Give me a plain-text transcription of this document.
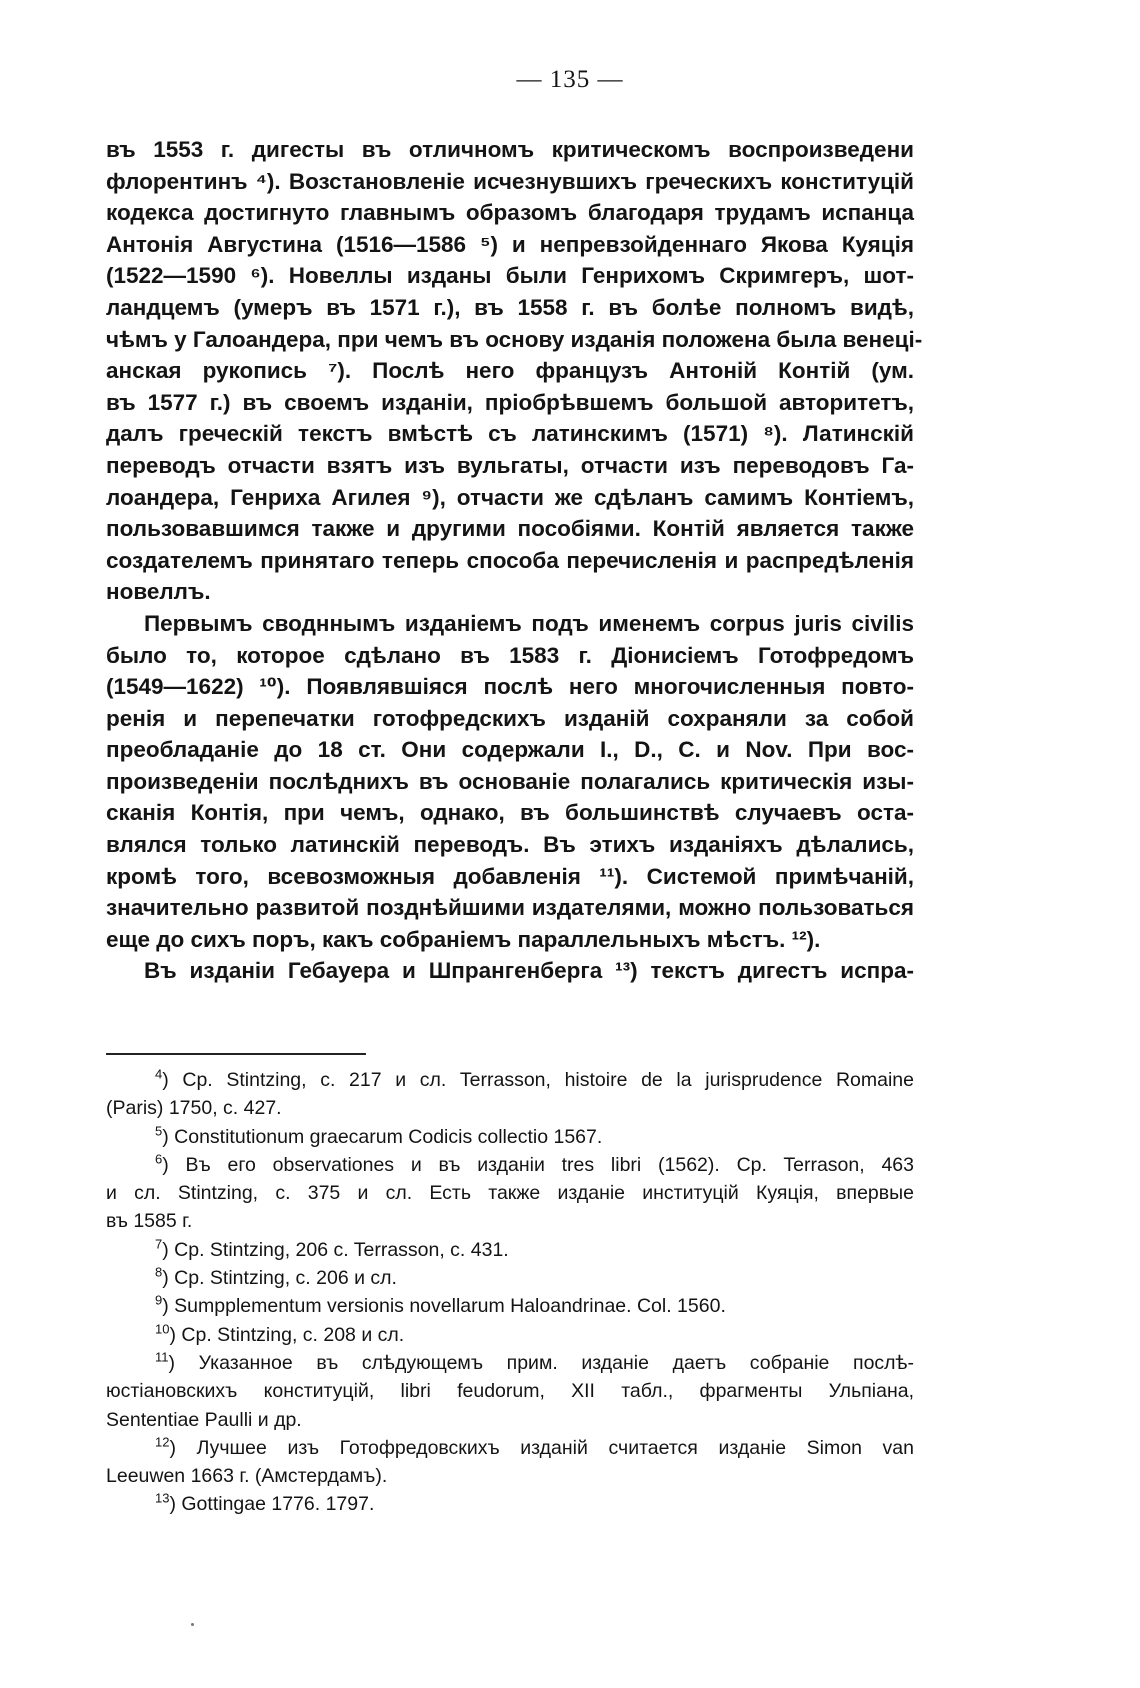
— 135 —
въ 1553 г. дигесты въ отличномъ критическомъ воспроизведени
флорентинъ ⁴). Возстановленіе исчезнувшихъ греческихъ конституцій
кодекса достигнуто главнымъ образомъ благодаря трудамъ испанца
Антонія Августина (1516—1586 ⁵) и непревзойденнаго Якова Куяція
(1522—1590 ⁶). Новеллы изданы были Генрихомъ Скримгеръ, шот-
ландцемъ (умеръ въ 1571 г.), въ 1558 г. въ болѣе полномъ видѣ,
чѣмъ у Галоандера, при чемъ въ основу изданія положена была венеці-
анская рукопись ⁷). Послѣ него французъ Антоній Контій (ум.
въ 1577 г.) въ своемъ изданіи, пріобрѣвшемъ большой авторитетъ,
далъ греческій текстъ вмѣстѣ съ латинскимъ (1571) ⁸). Латинскій
переводъ отчасти взятъ изъ вульгаты, отчасти изъ переводовъ Га-
лоандера, Генриха Агилея ⁹), отчасти же сдѣланъ самимъ Контіемъ,
пользовавшимся также и другими пособіями. Контій является также
создателемъ принятаго теперь способа перечисленія и распредѣленія
новеллъ.
Первымъ сводннымъ изданіемъ подъ именемъ corpus juris civilis
было то, которое сдѣлано въ 1583 г. Діонисіемъ Готофредомъ
(1549—1622) ¹⁰). Появлявшіяся послѣ него многочисленныя повто-
ренія и перепечатки готофредскихъ изданій сохраняли за собой
преобладаніе до 18 ст. Они содержали I., D., C. и Nov. При вос-
произведеніи послѣднихъ въ основаніе полагались критическія изы-
сканія Контія, при чемъ, однако, въ большинствѣ случаевъ оста-
влялся только латинскій переводъ. Въ этихъ изданіяхъ дѣлались,
кромѣ того, всевозможныя добавленія ¹¹). Системой примѣчаній,
значительно развитой позднѣйшими издателями, можно пользоваться
еще до сихъ поръ, какъ собраніемъ параллельныхъ мѣстъ. ¹²).
Въ изданіи Гебауера и Шпрангенберга ¹³) текстъ дигестъ испра-
$^4$) Cp. Stintzing, c. 217 и сл. Terrasson, histoire de la jurisprudence Romaine
(Paris) 1750, с. 427.
$^5$) Constitutionum graecarum Codicis collectio 1567.
$^6$) Въ его observationes и въ изданіи tres libri (1562). Cp. Terrason, 463
и сл. Stintzing, c. 375 и сл. Есть также изданіе институцій Куяція, впервые
въ 1585 г.
$^7$) Cp. Stintzing, 206 c. Terrasson, c. 431.
$^8$) Cp. Stintzing, c. 206 и сл.
$^9$) Sumpplementum versionis novellarum Haloandrinae. Col. 1560.
$^{10}$) Cp. Stintzing, c. 208 и сл.
$^{11}$) Указанное въ слѣдующемъ прим. изданіе даетъ собраніе послѣ-
юстіановскихъ конституцій, libri feudorum, XII табл., фрагменты Ульпіана,
Sententiae Paulli и др.
$^{12}$) Лучшее изъ Готофредовскихъ изданій считается изданіе Simon van
Leeuwen 1663 г. (Амстердамъ).
$^{13}$) Gottingae 1776. 1797.
